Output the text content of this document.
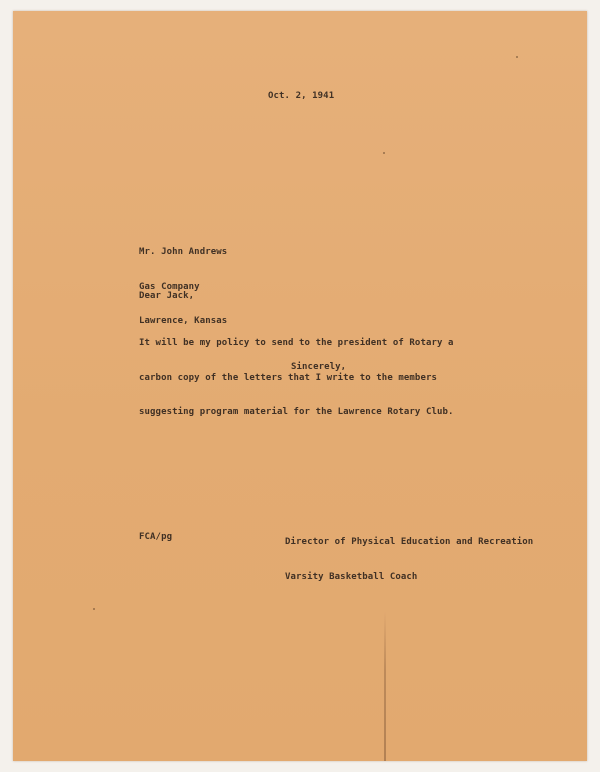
Oct. 2, 1941

Mr. John Andrews

Gas Company

Lawrence, Kansas

Dear Jack,

It will be my policy to send to the president of Rotary a

carbon copy of the letters that I write to the members

suggesting program material for the Lawrence Rotary Club.

Sincerely,

Director of Physical Education and Recreation

Varsity Basketball Coach

FCA/pg
